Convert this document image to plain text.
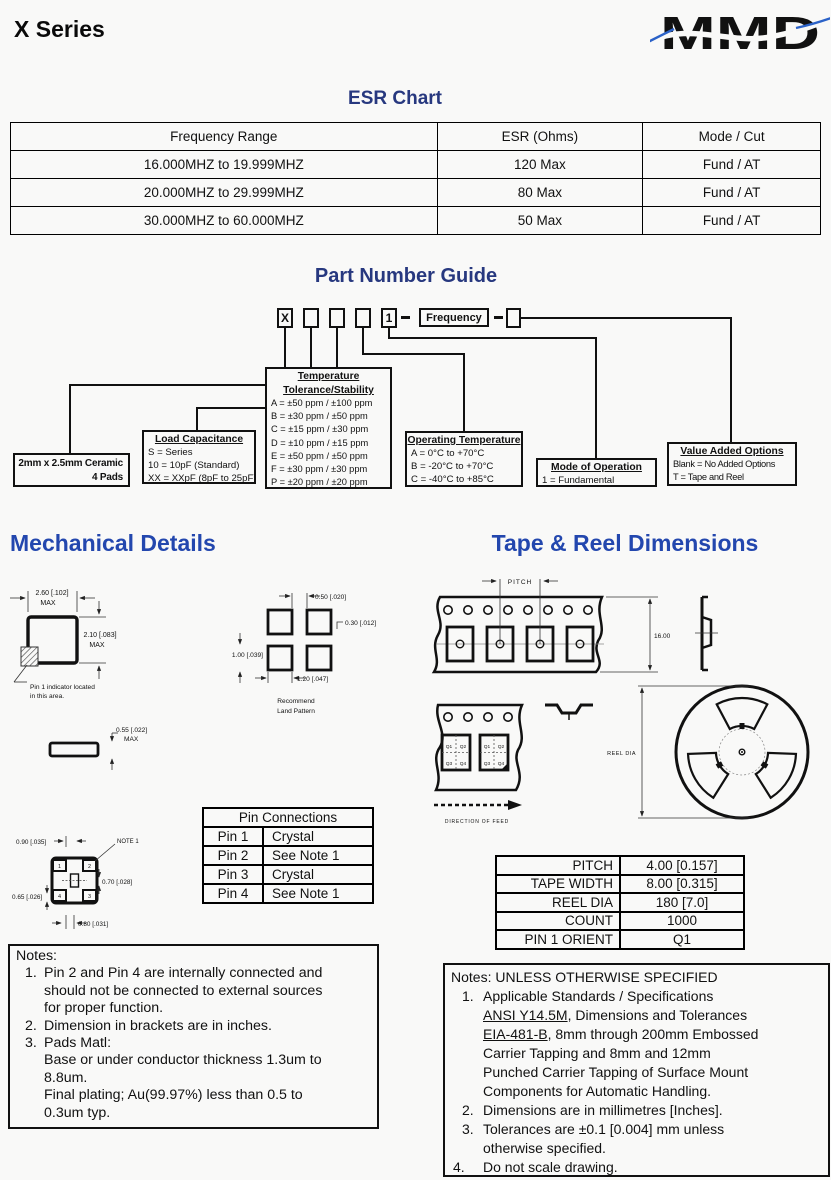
X Series	MMD
ESR Chart
Frequency Range	ESR (Ohms)	Mode / Cut
16.000MHZ to 19.999MHZ	120 Max	Fund / AT
20.000MHZ to 29.999MHZ	80 Max	Fund / AT
30.000MHZ to 60.000MHZ	50 Max	Fund / AT
Part Number Guide
X	1	Frequency
2mm x 2.5mm Ceramic
4 Pads
Load Capacitance
S = Series
10 = 10pF (Standard)
XX = XXpF (8pF to 25pF)
Temperature
Tolerance/Stability
A = ±50 ppm / ±100 ppm
B = ±30 ppm / ±50 ppm
C = ±15 ppm / ±30 ppm
D = ±10 ppm / ±15 ppm
E = ±50 ppm / ±50 ppm
F = ±30 ppm / ±30 ppm
P = ±20 ppm / ±20 ppm
Operating Temperature
A = 0°C to +70°C
B = -20°C to +70°C
C = -40°C to +85°C
Mode of Operation
1 = Fundamental
Value Added Options
Blank = No Added Options
T = Tape and Reel
Mechanical Details	Tape & Reel Dimensions
2.60 [.102]
MAX
2.10 [.083]
MAX
Pin 1 indicator located
in this area.
0.50 [.020]
0.30 [.012]
1.00 [.039]
1.20 [.047]
Recommend
Land Pattern
0.55 [.022]
MAX
1	2
4	3
0.90 [.035]	NOTE 1
0.70 [.028]
0.65 [.026]
0.80 [.031]
PITCH
16.00
Q1 Q2
Q3 Q4
Q1 Q2
Q3 Q4
DIRECTION OF FEED
REEL DIA
Pin Connections	
Pin 1	Crystal
Pin 2	See Note 1
Pin 3	Crystal
Pin 4	See Note 1
PITCH	4.00 [0.157]
TAPE WIDTH	8.00 [0.315]
REEL DIA	180 [7.0]
COUNT	1000
PIN 1 ORIENT	Q1
Notes:
1. Pin 2 and Pin 4 are internally connected and
should not be connected to external sources
for proper function.
2. Dimension in brackets are in inches.
3. Pads Matl:
Base or under conductor thickness 1.3um to
8.8um.
Final plating; Au(99.97%) less than 0.5 to
0.3um typ.
Notes: UNLESS OTHERWISE SPECIFIED
1. Applicable Standards / Specifications
ANSI Y14.5M, Dimensions and Tolerances
EIA-481-B, 8mm through 200mm Embossed
Carrier Tapping and 8mm and 12mm
Punched Carrier Tapping of Surface Mount
Components for Automatic Handling.
2. Dimensions are in millimetres [Inches].
3. Tolerances are ±0.1 [0.004] mm unless
otherwise specified.
4.	Do not scale drawing.
